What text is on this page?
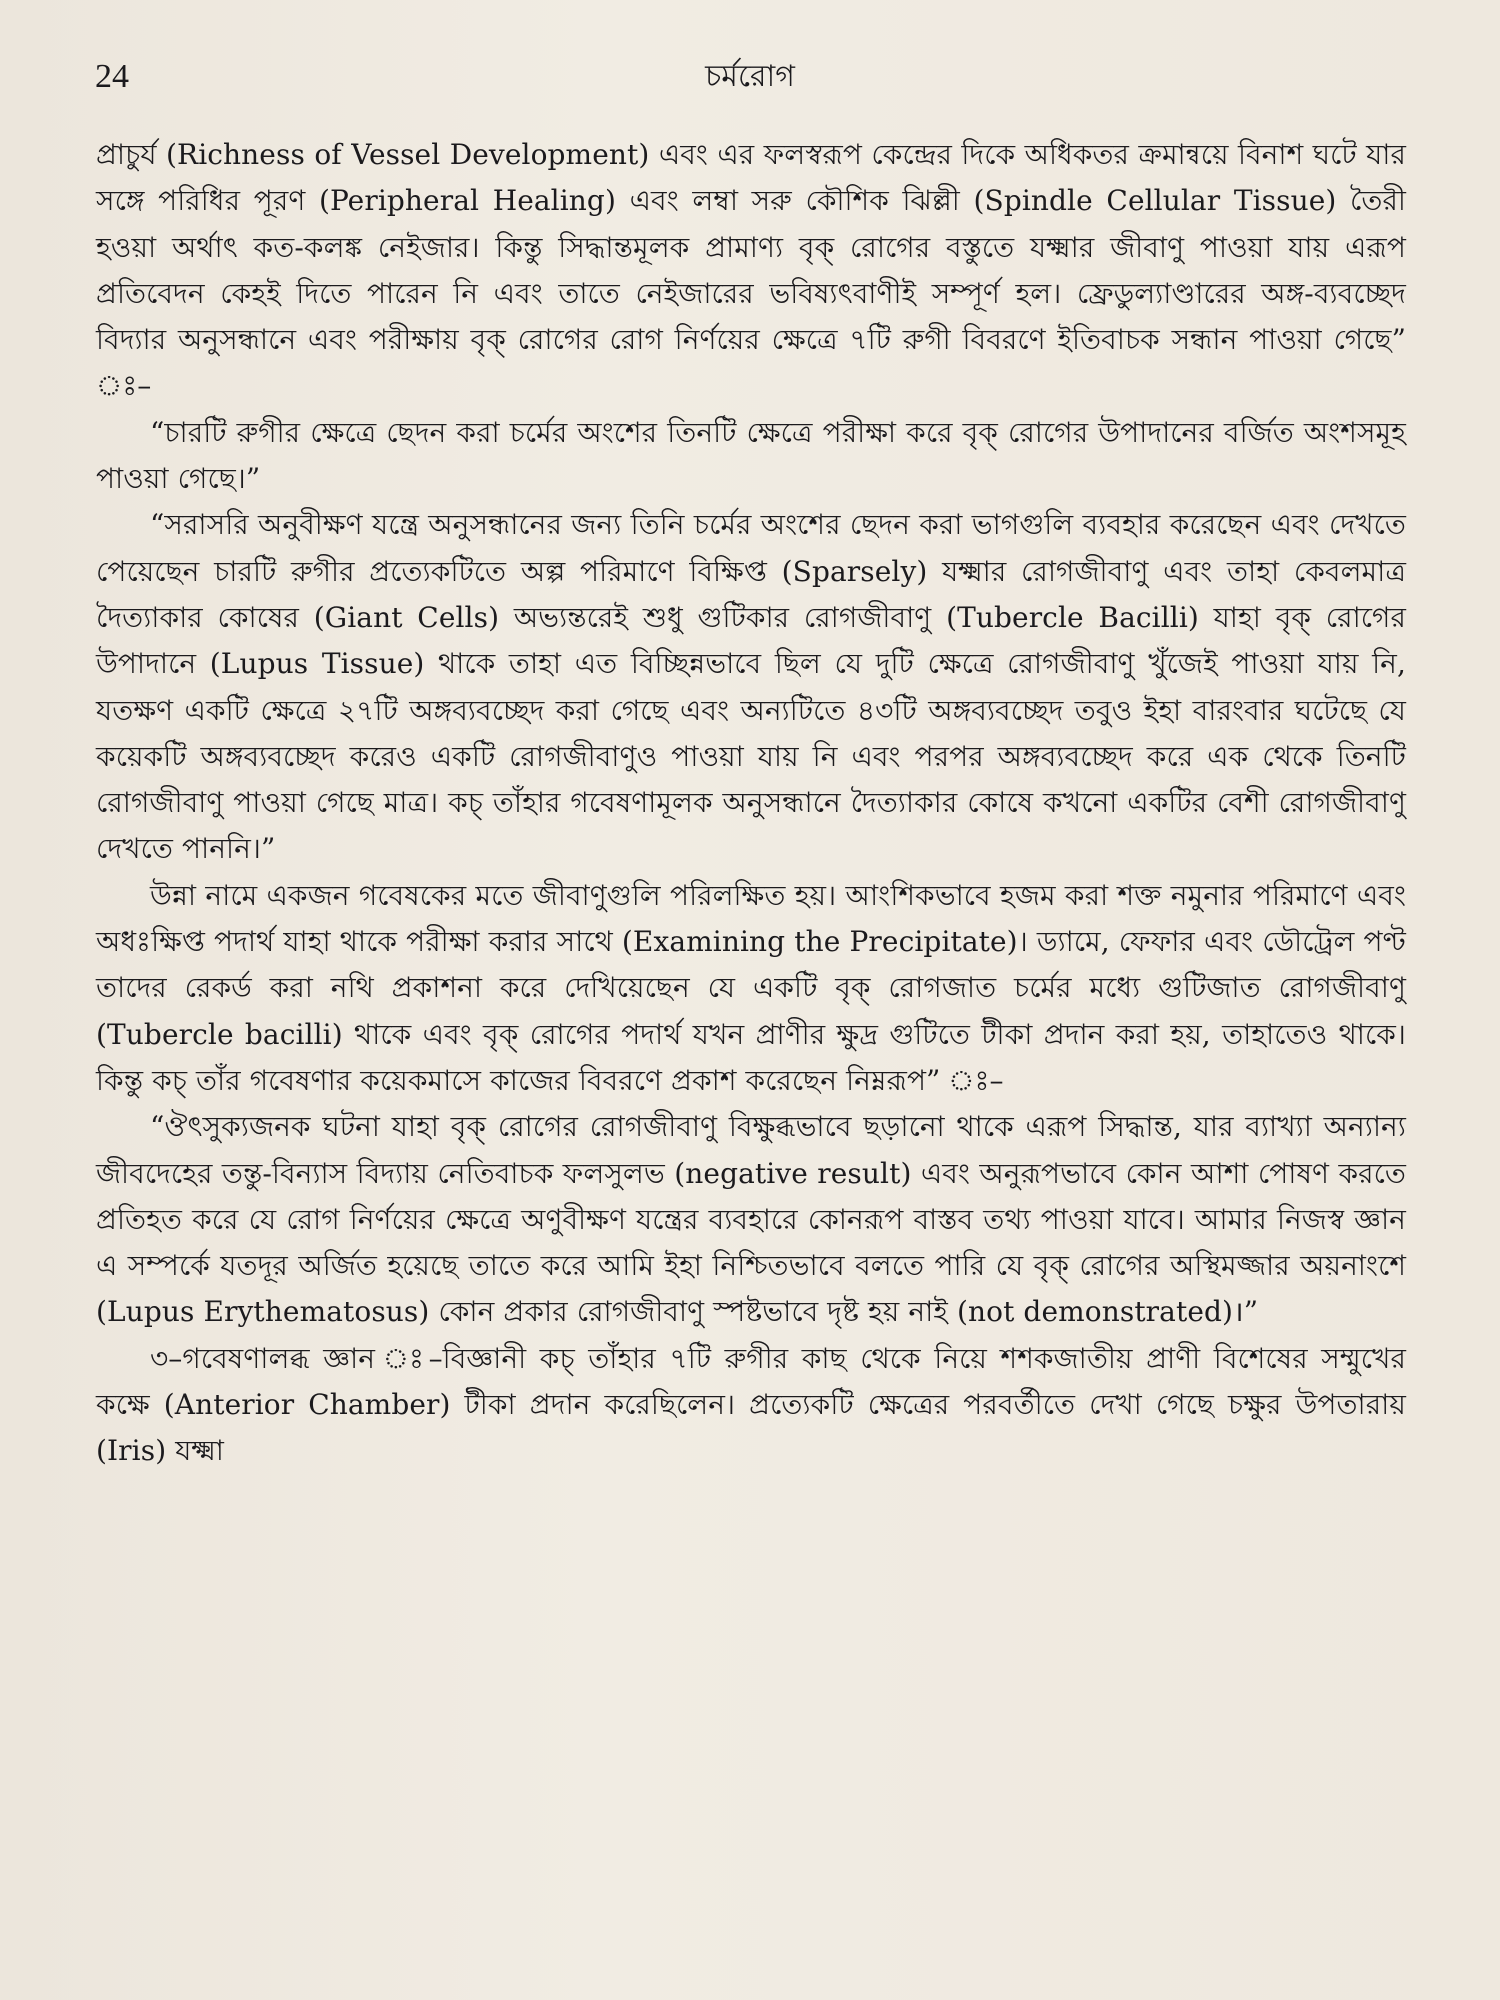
24	চর্মরোগ

প্রাচুর্য (Richness of Vessel Development) এবং এর ফলস্বরূপ কেন্দ্রের দিকে অধিকতর ক্রমান্বয়ে বিনাশ ঘটে যার সঙ্গে পরিধির পূরণ (Peripheral Healing) এবং লম্বা সরু কৌশিক ঝিল্লী (Spindle Cellular Tissue) তৈরী হওয়া অর্থাৎ কত-কলঙ্ক নেইজার। কিন্তু সিদ্ধান্তমূলক প্রামাণ্য বৃক্ রোগের বস্তুতে যক্ষ্মার জীবাণু পাওয়া যায় এরূপ প্রতিবেদন কেহই দিতে পারেন নি এবং তাতে নেইজারের ভবিষ্যৎবাণীই সম্পূর্ণ হল। ফ্রেডুল্যাণ্ডারের অঙ্গ-ব্যবচ্ছেদ বিদ্যার অনুসন্ধানে এবং পরীক্ষায় বৃক্ রোগের রোগ নির্ণয়ের ক্ষেত্রে ৭টি রুগী বিবরণে ইতিবাচক সন্ধান পাওয়া গেছে” ঃ–

“চারটি রুগীর ক্ষেত্রে ছেদন করা চর্মের অংশের তিনটি ক্ষেত্রে পরীক্ষা করে বৃক্ রোগের উপাদানের বর্জিত অংশসমূহ পাওয়া গেছে।”

“সরাসরি অনুবীক্ষণ যন্ত্রে অনুসন্ধানের জন্য তিনি চর্মের অংশের ছেদন করা ভাগগুলি ব্যবহার করেছেন এবং দেখতে পেয়েছেন চারটি রুগীর প্রত্যেকটিতে অল্প পরিমাণে বিক্ষিপ্ত (Sparsely) যক্ষ্মার রোগজীবাণু এবং তাহা কেবলমাত্র দৈত্যাকার কোষের (Giant Cells) অভ্যন্তরেই শুধু গুটিকার রোগজীবাণু (Tubercle Bacilli) যাহা বৃক্ রোগের উপাদানে (Lupus Tissue) থাকে তাহা এত বিচ্ছিন্নভাবে ছিল যে দুটি ক্ষেত্রে রোগজীবাণু খুঁজেই পাওয়া যায় নি, যতক্ষণ একটি ক্ষেত্রে ২৭টি অঙ্গব্যবচ্ছেদ করা গেছে এবং অন্যটিতে ৪৩টি অঙ্গব্যবচ্ছেদ তবুও ইহা বারংবার ঘটেছে যে কয়েকটি অঙ্গব্যবচ্ছেদ করেও একটি রোগজীবাণুও পাওয়া যায় নি এবং পরপর অঙ্গব্যবচ্ছেদ করে এক থেকে তিনটি রোগজীবাণু পাওয়া গেছে মাত্র। কচ্ তাঁহার গবেষণামূলক অনুসন্ধানে দৈত্যাকার কোষে কখনো একটির বেশী রোগজীবাণু দেখতে পাননি।”

উন্না নামে একজন গবেষকের মতে জীবাণুগুলি পরিলক্ষিত হয়। আংশিকভাবে হজম করা শক্ত নমুনার পরিমাণে এবং অধঃক্ষিপ্ত পদার্থ যাহা থাকে পরীক্ষা করার সাথে (Examining the Precipitate)। ড্যামে, ফেফার এবং ডৌট্রেল পণ্ট তাদের রেকর্ড করা নথি প্রকাশনা করে দেখিয়েছেন যে একটি বৃক্ রোগজাত চর্মের মধ্যে গুটিজাত রোগজীবাণু (Tubercle bacilli) থাকে এবং বৃক্ রোগের পদার্থ যখন প্রাণীর ক্ষুদ্র গুটিতে টীকা প্রদান করা হয়, তাহাতেও থাকে। কিন্তু কচ্ তাঁর গবেষণার কয়েকমাসে কাজের বিবরণে প্রকাশ করেছেন নিম্নরূপ” ঃ–

“ঔৎসুক্যজনক ঘটনা যাহা বৃক্ রোগের রোগজীবাণু বিক্ষুব্ধভাবে ছড়ানো থাকে এরূপ সিদ্ধান্ত, যার ব্যাখ্যা অন্যান্য জীবদেহের তন্তু-বিন্যাস বিদ্যায় নেতিবাচক ফলসুলভ (negative result) এবং অনুরূপভাবে কোন আশা পোষণ করতে প্রতিহত করে যে রোগ নির্ণয়ের ক্ষেত্রে অণুবীক্ষণ যন্ত্রের ব্যবহারে কোনরূপ বাস্তব তথ্য পাওয়া যাবে। আমার নিজস্ব জ্ঞান এ সম্পর্কে যতদূর অর্জিত হয়েছে তাতে করে আমি ইহা নিশ্চিতভাবে বলতে পারি যে বৃক্ রোগের অস্থিমজ্জার অয়নাংশে (Lupus Erythematosus) কোন প্রকার রোগজীবাণু স্পষ্টভাবে দৃষ্ট হয় নাই (not demonstrated)।”

৩–গবেষণালব্ধ জ্ঞান ঃ–বিজ্ঞানী কচ্ তাঁহার ৭টি রুগীর কাছ থেকে নিয়ে শশকজাতীয় প্রাণী বিশেষের সম্মুখের কক্ষে (Anterior Chamber) টীকা প্রদান করেছিলেন। প্রত্যেকটি ক্ষেত্রের পরবর্তীতে দেখা গেছে চক্ষুর উপতারায় (Iris) যক্ষ্মা
